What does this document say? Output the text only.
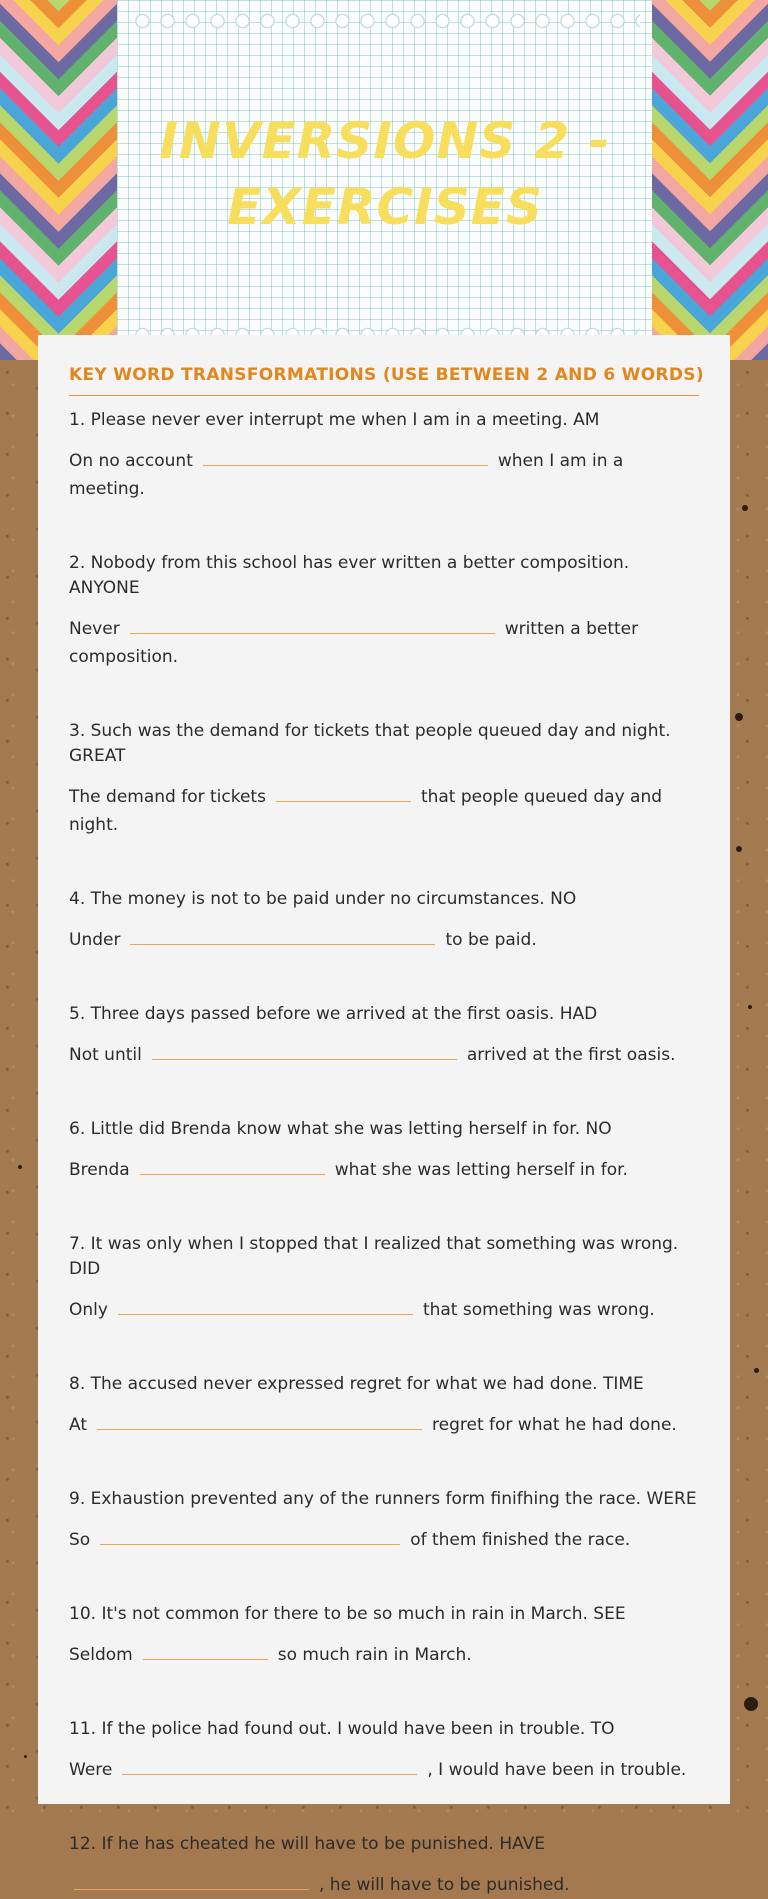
INVERSIONS 2 - EXERCISES
KEY WORD TRANSFORMATIONS (USE BETWEEN 2 AND 6 WORDS)

1. Please never ever interrupt me when I am in a meeting. AM

On no account	when I am in a meeting.

2. Nobody from this school has ever written a better composition. ANYONE

Never	written a better composition.

3. Such was the demand for tickets that people queued day and night. GREAT

The demand for tickets	that people queued day and night.

4. The money is not to be paid under no circumstances. NO

Under	to be paid.

5. Three days passed before we arrived at the first oasis. HAD

Not until	arrived at the first oasis.

6. Little did Brenda know what she was letting herself in for. NO

Brenda	what she was letting herself in for.

7. It was only when I stopped that I realized that something was wrong. DID

Only	that something was wrong.

8. The accused never expressed regret for what we had done. TIME

At	regret for what he had done.

9. Exhaustion prevented any of the runners form finifhing the race. WERE

So	of them finished the race.

10. It's not common for there to be so much in rain in March. SEE

Seldom	so much rain in March.

11. If the police had found out. I would have been in trouble. TO

Were	, I would have been in trouble.

12. If he has cheated he will have to be punished. HAVE

, he will have to be punished.
